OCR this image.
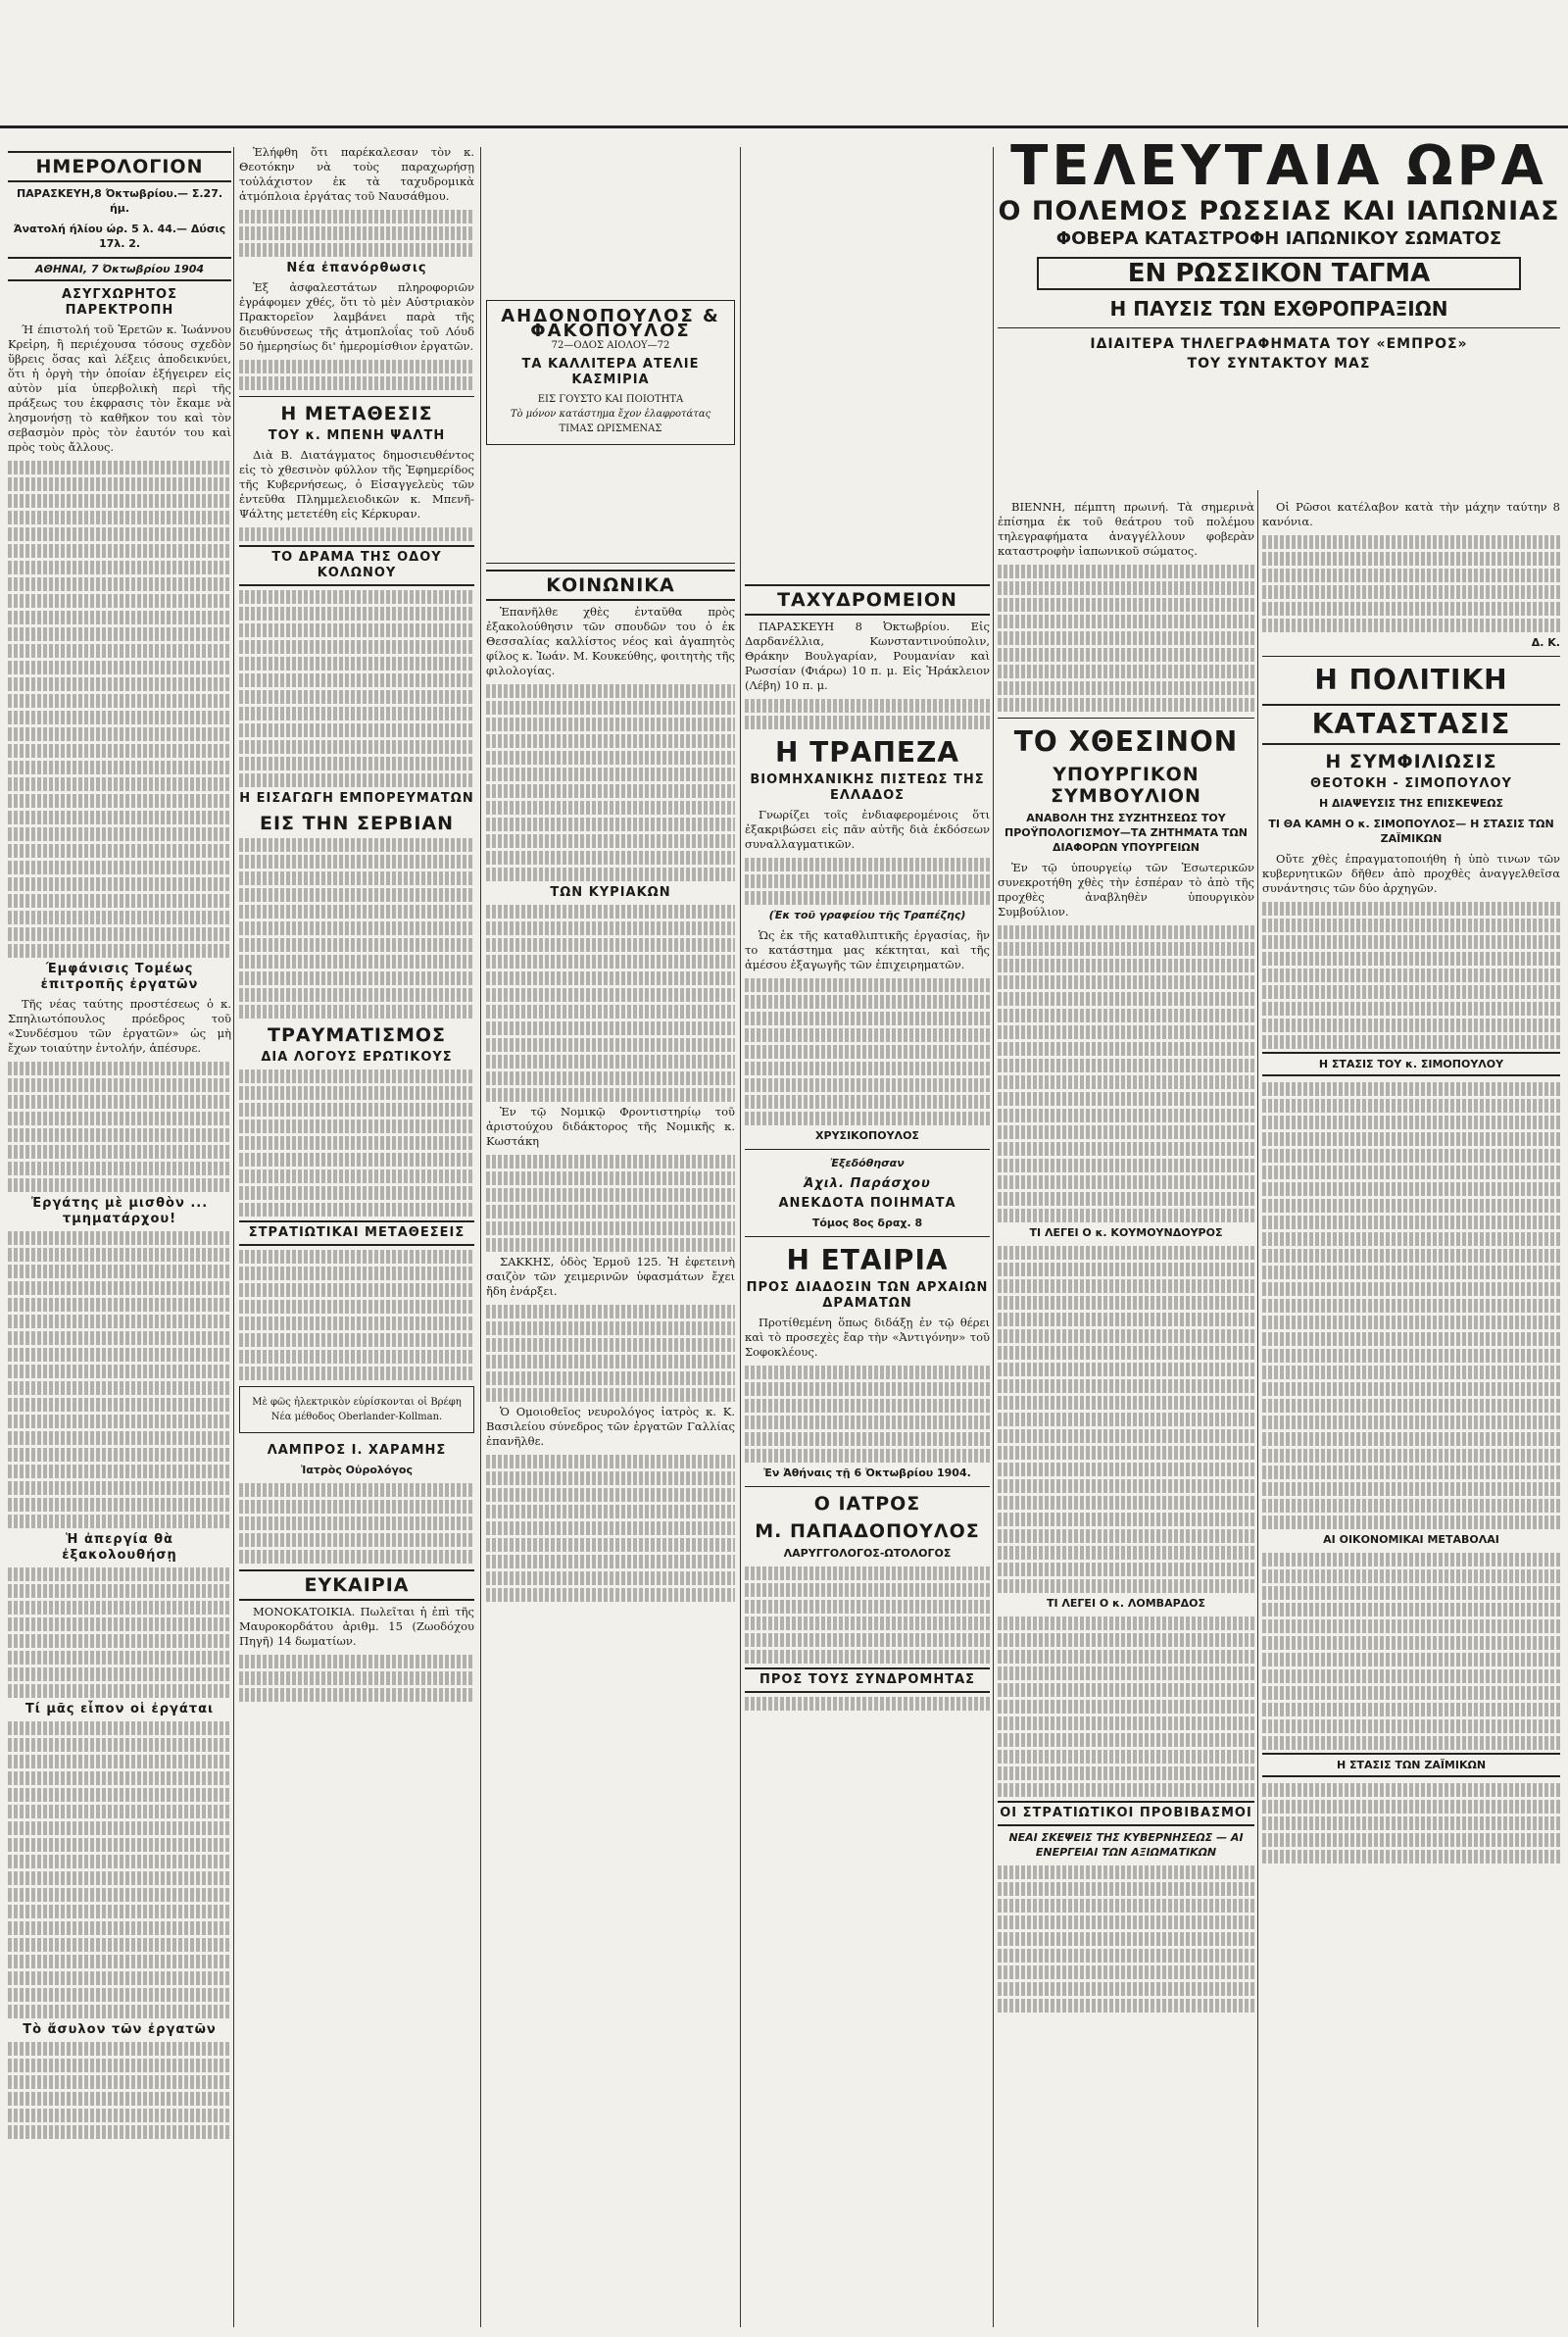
ΗΜΕΡΟΛΟΓΙΟΝ
ΠΑΡΑΣΚΕΥΗ,8 Όκτωβρίου.— Σ.27. ήμ.
Άνατολή ήλίου ώρ. 5 λ. 44.— Δύσις 17λ. 2.
ΑΘΗΝΑΙ, 7 Όκτωβρίου 1904
ΑΣΥΓΧΩΡΗΤΟΣ ΠΑΡΕΚΤΡΟΠΗ

Ή έπιστολή τοῦ Ἐρετῶν κ. Ἰωάννου Κρεἰρη, ἢ περιέχουσα τόσους σχεδὸν ὕβρεις ὅσας καὶ λέξεις ἀποδεικνύει, ὅτι ἡ ὀργὴ τὴν ὁποίαν ἐξήγειρεν εἰς αὐτὸν μία ὑπερβολικὴ περὶ τῆς πράξεως του ἐκφρασις τὸν ἔκαμε νὰ λησμονήσῃ τὸ καθῆκον του καὶ τὸν σεβασμὸν πρὸς τὸν ἐαυτόν του καὶ πρὸς τοὺς ἄλλους.

Έμφάνισις Τομέως ἐπιτροπῆς ἐργατῶν

Τῆς νέας ταύτης προστέσεως ὁ κ. Σπηλιωτόπουλος πρόεδρος τοῦ «Συνδέσμου τῶν ἐργατῶν» ὡς μὴ ἔχων τοιαύτην ἐντολήν, ἀπέσυρε.

Ἐργάτης μὲ μισθὸν ... τμηματάρχου!
Ἡ ἀπεργία θὰ ἐξακολουθήσῃ
Τί μᾶς εἶπον οἱ ἐργάται
Τὸ ἄσυλον τῶν ἐργατῶν

Ἐλήφθη ὅτι παρέκαλεσαν τὸν κ. Θεοτόκην νὰ τοὺς παραχωρήσῃ τοὐλάχιστον ἐκ τὰ ταχυδρομικὰ ἀτμόπλοια ἐργάτας τοῦ Ναυσάθμου.

Νέα ἐπανόρθωσις

Ἐξ ἀσφαλεστάτων πληροφοριῶν ἐγράφομεν χθές, ὅτι τὸ μὲν Αὐστριακὸν Πρακτορεῖον λαμβάνει παρὰ τῆς διευθύνσεως τῆς ἀτμοπλοΐας τοῦ Λόυδ 50 ἡμερησίως δι' ἡμερομίσθιον ἐργατῶν.

Η ΜΕΤΑΘΕΣΙΣ
ΤΟΥ κ. ΜΠΕΝΗ ΨΑΛΤΗ

Διὰ Β. Διατάγματος δημοσιευθέντος εἰς τὸ χθεσινὸν φύλλον τῆς Ἐφημερίδος τῆς Κυβερνήσεως, ὁ Εἰσαγγελεὺς τῶν ἐντεῦθα Πλημμελειοδικῶν κ. Μπενῆ-Ψάλτης μετετέθη εἰς Κέρκυραν.

ΤΟ ΔΡΑΜΑ ΤΗΣ ΟΔΟΥ ΚΟΛΩΝΟΥ
Η ΕΙΣΑΓΩΓΗ ΕΜΠΟΡΕΥΜΑΤΩΝ
ΕΙΣ ΤΗΝ ΣΕΡΒΙΑΝ
ΤΡΑΥΜΑΤΙΣΜΟΣ
ΔΙΑ ΛΟΓΟΥΣ ΕΡΩΤΙΚΟΥΣ
ΣΤΡΑΤΙΩΤΙΚΑΙ ΜΕΤΑΘΕΣΕΙΣ
Μὲ φῶς ἠλεκτρικὸν εὑρίσκονται οἱ Βρέφη Νέα μέθοδος Oberlander-Kollman.
ΛΑΜΠΡΟΣ Ι. ΧΑΡΑΜΗΣ
Ἰατρὸς Οὐρολόγος
ΕΥΚΑΙΡΙΑ

ΜΟΝΟΚΑΤΟΙΚΙΑ. Πωλεῖται ἡ ἐπὶ τῆς Μαυροκορδάτου ἀριθμ. 15 (Ζωοδόχου Πηγῆ) 14 δωματίων.

ΑΗΔΟΝΟΠΟΥΛΟΣ & ΦΑΚΟΠΟΥΛΟΣ
72—ΟΔΟΣ ΑΙΟΛΟΥ—72
ΤΑ ΚΑΛΛΙΤΕΡΑ ΑΤΕΛΙΕ ΚΑΣΜΙΡΙΑ
ΕΙΣ ΓΟΥΣΤΟ ΚΑΙ ΠΟΙΟΤΗΤΑ
Τὸ μόνον κατάστημα ἔχον ἐλαφροτάτας
ΤΙΜΑΣ ΩΡΙΣΜΕΝΑΣ
ΚΟΙΝΩΝΙΚΑ

Ἐπανῆλθε χθὲς ἐνταῦθα πρὸς ἐξακολούθησιν τῶν σπουδῶν του ὁ ἐκ Θεσσαλίας καλλίστος νέος καὶ ἀγαπητὸς φίλος κ. Ἰωάν. Μ. Κουκεύθης, φοιτητὴς τῆς φιλολογίας.

ΤΩΝ ΚΥΡΙΑΚΩΝ

Ἐν τῷ Νομικῷ Φροντιστηρίῳ τοῦ ἀριστούχου διδάκτορος τῆς Νομικῆς κ. Κωστάκη

ΣΑΚΚΗΣ, ὁδὸς Ἑρμοῦ 125. Ἡ ἐφετεινὴ σαιζὸν τῶν χειμερινῶν ὑφασμάτων ἔχει ἤδη ἐνάρξει.

Ὁ Ομοιοθεῖος νευρολόγος ἰατρὸς κ. Κ. Βασιλείου σύνεδρος τῶν ἐργατῶν Γαλλίας ἐπανῆλθε.

ΤΑΧΥΔΡΟΜΕΙΟΝ

ΠΑΡΑΣΚΕΥΗ 8 Ὀκτωβρίου. Εἰς Δαρδανέλλια, Κωνσταντινούπολιν, Θράκην Βουλγαρίαν, Ρουμανίαν καὶ Ρωσσίαν (Φιάρω) 10 π. μ. Εἰς Ἡράκλειον (Λέβη) 10 π. μ.

Η ΤΡΑΠΕΖΑ
ΒΙΟΜΗΧΑΝΙΚΗΣ ΠΙΣΤΕΩΣ ΤΗΣ ΕΛΛΑΔΟΣ

Γνωρίζει τοῖς ἐνδιαφερομένοις ὅτι ἐξακριβώσει εἰς πᾶν αὐτῆς διὰ ἐκδόσεων συναλλαγματικῶν.

(Ἐκ τοῦ γραφείου τῆς Τραπέζης)

Ὡς ἐκ τῆς καταθλιπτικῆς ἐργασίας, ἣν το κατάστημα μας κέκτηται, καὶ τῆς ἀμέσου ἐξαγωγῆς τῶν ἐπιχειρηματῶν.

ΧΡΥΣΙΚΟΠΟΥΛΟΣ
Ἐξεδόθησαν
Ἀχιλ. Παράσχου
ΑΝΕΚΔΟΤΑ ΠΟΙΗΜΑΤΑ
Τόμος 8ος δραχ. 8
Η ΕΤΑΙΡΙΑ
ΠΡΟΣ ΔΙΑΔΟΣΙΝ ΤΩΝ ΑΡΧΑΙΩΝ ΔΡΑΜΑΤΩΝ

Προτίθεμένη ὅπως διδάξῃ ἐν τῷ θέρει καὶ τὸ προσεχὲς ἔαρ τὴν «Ἀντιγόνην» τοῦ Σοφοκλέους.

Ἐν Ἀθήναις τῇ 6 Ὀκτωβρίου 1904.
Ο ΙΑΤΡΟΣ
Μ. ΠΑΠΑΔΟΠΟΥΛΟΣ
ΛΑΡΥΓΓΟΛΟΓΟΣ-ΩΤΟΛΟΓΟΣ
ΠΡΟΣ ΤΟΥΣ ΣΥΝΔΡΟΜΗΤΑΣ
ΤΕΛΕΥΤΑΙΑ ΩΡΑ
Ο ΠΟΛΕΜΟΣ ΡΩΣΣΙΑΣ ΚΑΙ ΙΑΠΩΝΙΑΣ
ΦΟΒΕΡΑ ΚΑΤΑΣΤΡΟΦΗ ΙΑΠΩΝΙΚΟΥ ΣΩΜΑΤΟΣ
ΕΝ ΡΩΣΣΙΚΟΝ ΤΑΓΜΑ
Η ΠΑΥΣΙΣ ΤΩΝ ΕΧΘΡΟΠΡΑΞΙΩΝ
ΙΔΙΑΙΤΕΡΑ ΤΗΛΕΓΡΑΦΗΜΑΤΑ ΤΟΥ «ΕΜΠΡΟΣ»
ΤΟΥ ΣΥΝΤΑΚΤΟΥ ΜΑΣ

ΒΙΕΝΝΗ, πέμπτη πρωινή. Τὰ σημερινὰ ἐπίσημα ἐκ τοῦ θεάτρου τοῦ πολέμου τηλεγραφήματα ἀναγγέλλουν φοβερὰν καταστροφὴν ἰαπωνικοῦ σώματος.

ΤΟ ΧΘΕΣΙΝΟΝ
ΥΠΟΥΡΓΙΚΟΝ ΣΥΜΒΟΥΛΙΟΝ
ΑΝΑΒΟΛΗ ΤΗΣ ΣΥΖΗΤΗΣΕΩΣ ΤΟΥ ΠΡΟΫΠΟΛΟΓΙΣΜΟΥ—ΤΑ ΖΗΤΗΜΑΤΑ ΤΩΝ ΔΙΑΦΟΡΩΝ ΥΠΟΥΡΓΕΙΩΝ

Ἐν τῷ ὑπουργείῳ τῶν Ἐσωτερικῶν συνεκροτήθη χθὲς τὴν ἑσπέραν τὸ ἀπὸ τῆς προχθὲς ἀναβληθὲν ὑπουργικὸν Συμβούλιον.

ΤΙ ΛΕΓΕΙ Ο κ. ΚΟΥΜΟΥΝΔΟΥΡΟΣ
ΤΙ ΛΕΓΕΙ Ο κ. ΛΟΜΒΑΡΔΟΣ
ΟΙ ΣΤΡΑΤΙΩΤΙΚΟΙ ΠΡΟΒΙΒΑΣΜΟΙ
ΝΕΑΙ ΣΚΕΨΕΙΣ ΤΗΣ ΚΥΒΕΡΝΗΣΕΩΣ — ΑΙ ΕΝΕΡΓΕΙΑΙ ΤΩΝ ΑΞΙΩΜΑΤΙΚΩΝ

Οἱ Ρῶσοι κατέλαβον κατὰ τὴν μάχην ταύτην 8 κανόνια.

Δ. Κ.
Η ΠΟΛΙΤΙΚΗ
ΚΑΤΑΣΤΑΣΙΣ
Η ΣΥΜΦΙΛΙΩΣΙΣ
ΘΕΟΤΟΚΗ - ΣΙΜΟΠΟΥΛΟΥ
Η ΔΙΑΨΕΥΣΙΣ ΤΗΣ ΕΠΙΣΚΕΨΕΩΣ
ΤΙ ΘΑ ΚΑΜΗ Ο κ. ΣΙΜΟΠΟΥΛΟΣ— Η ΣΤΑΣΙΣ ΤΩΝ ΖΑΪΜΙΚΩΝ

Οὔτε χθὲς ἐπραγματοποιήθη ἡ ὑπὸ τινων τῶν κυβερνητικῶν δῆθεν ἀπὸ προχθὲς ἀναγγελθεῖσα συνάντησις τῶν δύο ἀρχηγῶν.

Η ΣΤΑΣΙΣ ΤΟΥ κ. ΣΙΜΟΠΟΥΛΟΥ
ΑΙ ΟΙΚΟΝΟΜΙΚΑΙ ΜΕΤΑΒΟΛΑΙ
Η ΣΤΑΣΙΣ ΤΩΝ ΖΑΪΜΙΚΩΝ
